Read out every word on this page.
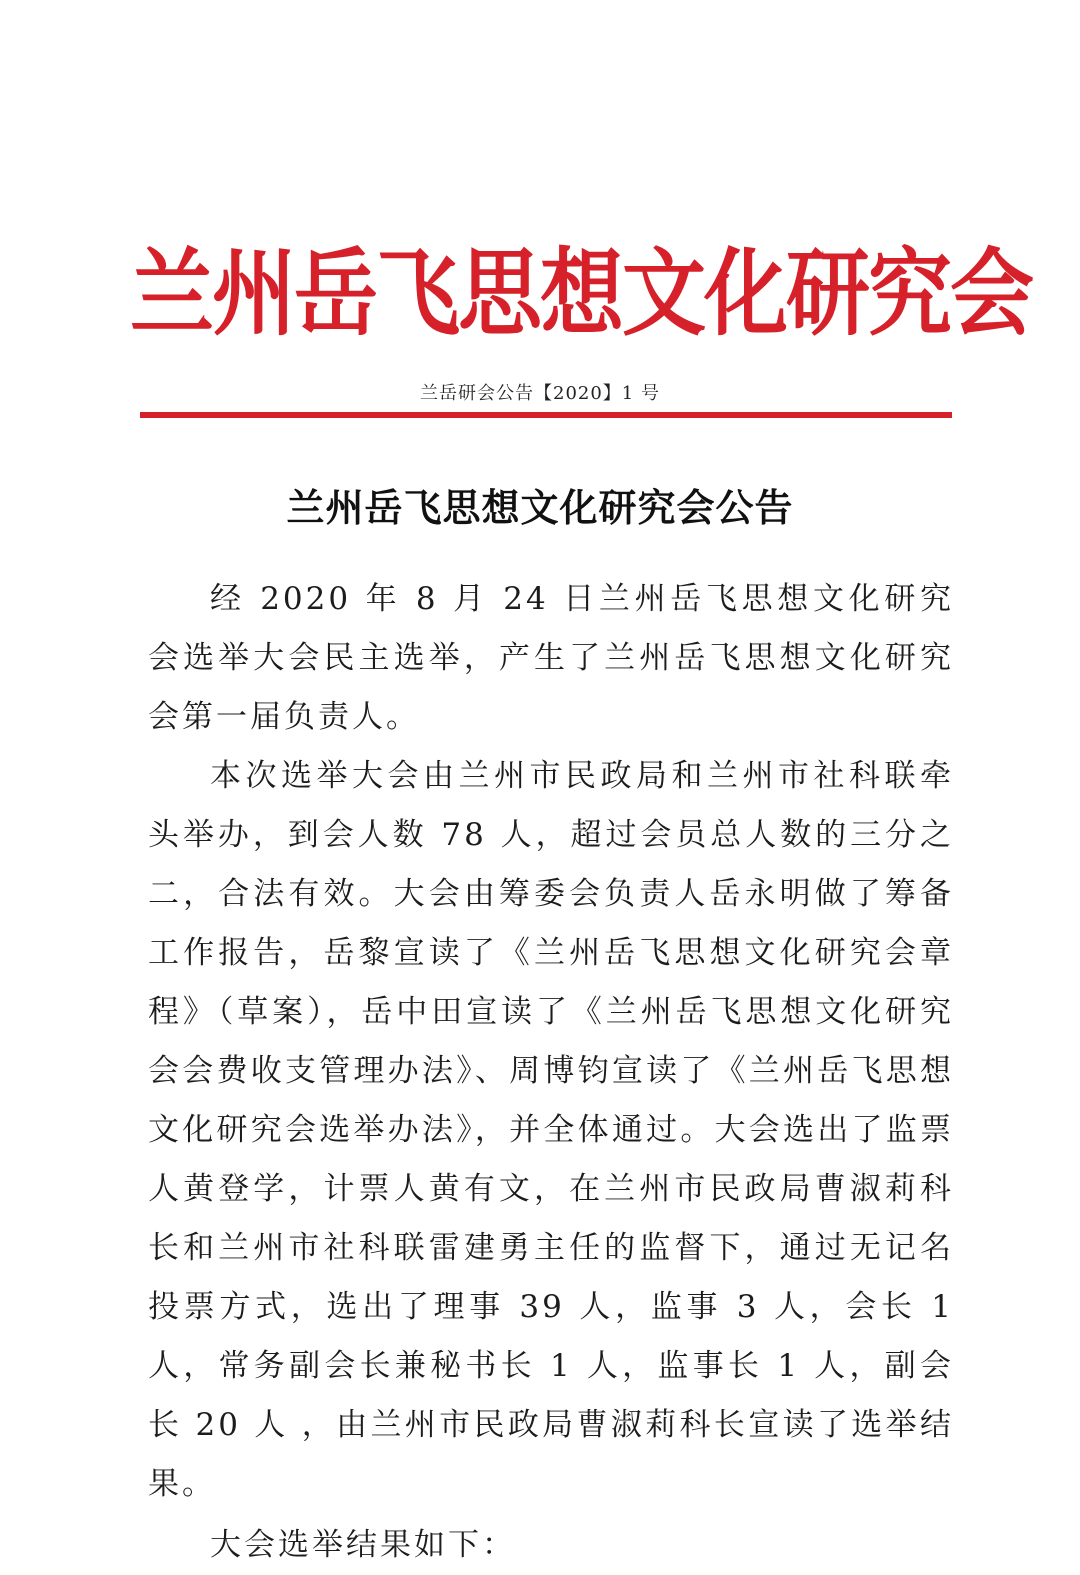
兰州岳飞思想文化研究会
兰岳研会公告【2020】1 号
兰州岳飞思想文化研究会公告

经 2020 年 8 月 24 日兰州岳飞思想文化研究会选举大会民主选举，产生了兰州岳飞思想文化研究会第一届负责人。

本次选举大会由兰州市民政局和兰州市社科联牵头举办，到会人数 78 人，超过会员总人数的三分之二，合法有效。大会由筹委会负责人岳永明做了筹备工作报告，岳黎宣读了《兰州岳飞思想文化研究会章程》（草案），岳中田宣读了《兰州岳飞思想文化研究会会费收支管理办法》、周博钧宣读了《兰州岳飞思想文化研究会选举办法》，并全体通过。大会选出了监票人黄登学，计票人黄有文，在兰州市民政局曹淑莉科长和兰州市社科联雷建勇主任的监督下，通过无记名投票方式，选出了理事 39 人，监事 3 人，会长 1 人，常务副会长兼秘书长 1 人，监事长 1 人，副会长 20 人 ，由兰州市民政局曹淑莉科长宣读了选举结果。

大会选举结果如下：
